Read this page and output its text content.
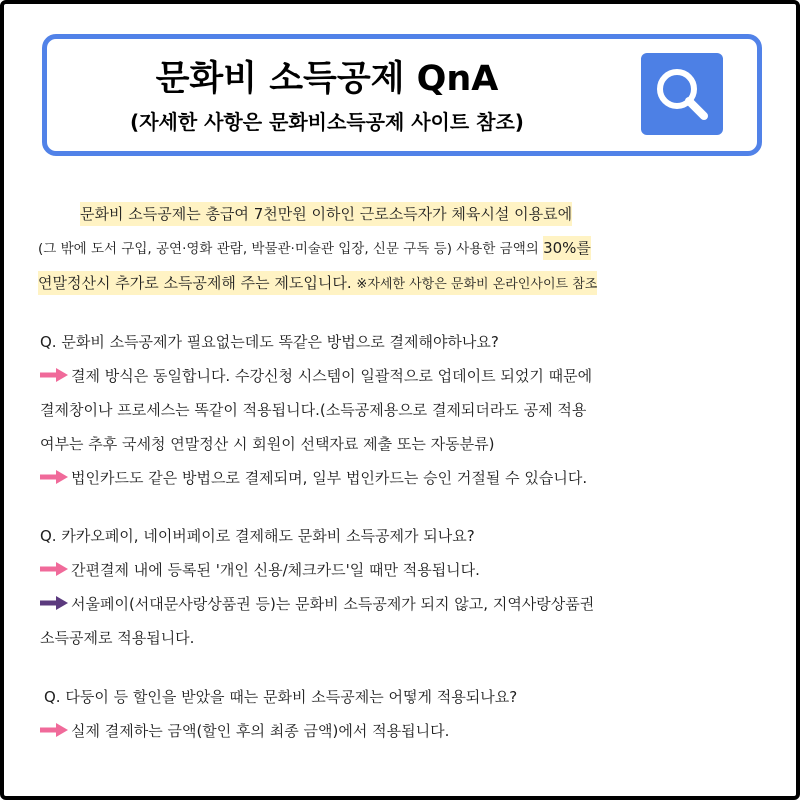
문화비 소득공제 QnA
(자세한 사항은 문화비소득공제 사이트 참조)
문화비 소득공제는 총급여 7천만원 이하인 근로소득자가 체육시설 이용료에
(그 밖에 도서 구입, 공연·영화 관람, 박물관·미술관 입장, 신문 구독 등) 사용한 금액의 30%를
연말정산시 추가로 소득공제해 주는 제도입니다. ※자세한 사항은 문화비 온라인사이트 참조
Q. 문화비 소득공제가 필요없는데도 똑같은 방법으로 결제해야하나요?
결제 방식은 동일합니다. 수강신청 시스템이 일괄적으로 업데이트 되었기 때문에
결제창이나 프로세스는 똑같이 적용됩니다.(소득공제용으로 결제되더라도 공제 적용
여부는 추후 국세청 연말정산 시 회원이 선택자료 제출 또는 자동분류)
법인카드도 같은 방법으로 결제되며, 일부 법인카드는 승인 거절될 수 있습니다.
Q. 카카오페이, 네이버페이로 결제해도 문화비 소득공제가 되나요?
간편결제 내에 등록된 '개인 신용/체크카드'일 때만 적용됩니다.
서울페이(서대문사랑상품권 등)는 문화비 소득공제가 되지 않고, 지역사랑상품권
소득공제로 적용됩니다.
Q. 다둥이 등 할인을 받았을 때는 문화비 소득공제는 어떻게 적용되나요?
실제 결제하는 금액(할인 후의 최종 금액)에서 적용됩니다.
